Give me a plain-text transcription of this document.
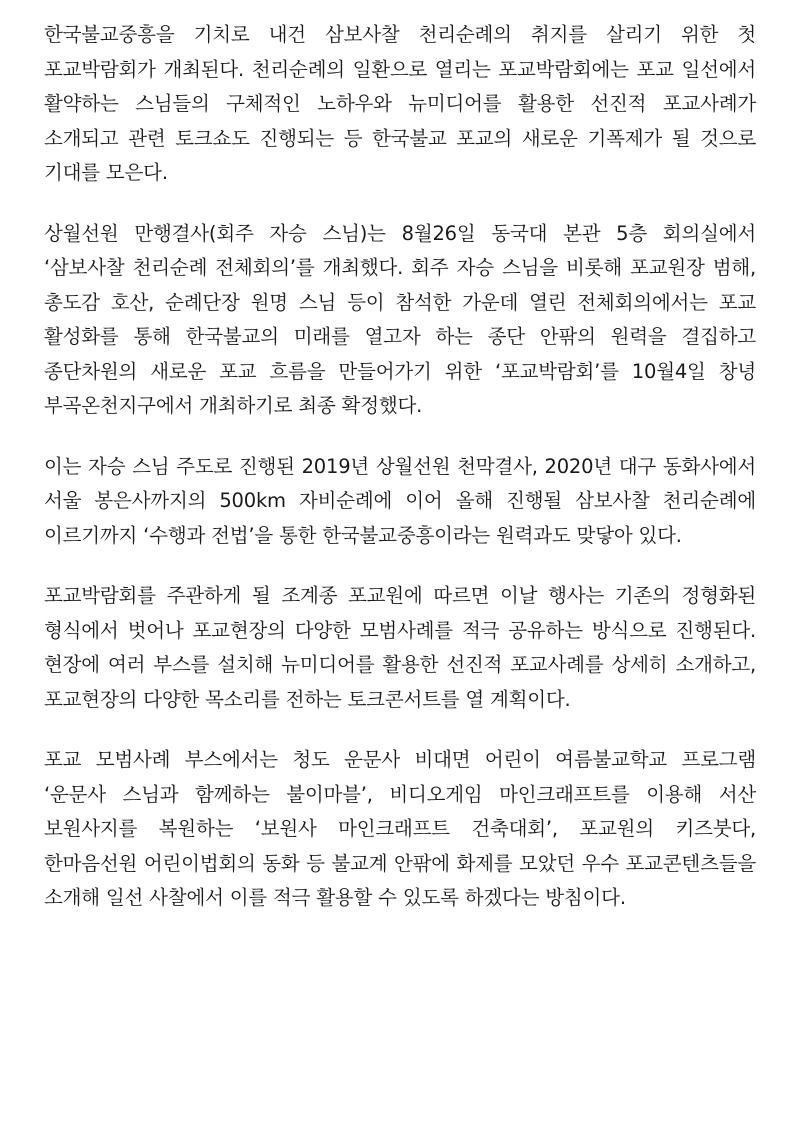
한국불교중흥을 기치로 내건 삼보사찰 천리순례의 취지를 살리기 위한 첫 포교박람회가 개최된다. 천리순례의 일환으로 열리는 포교박람회에는 포교 일선에서 활약하는 스님들의 구체적인 노하우와 뉴미디어를 활용한 선진적 포교사례가 소개되고 관련 토크쇼도 진행되는 등 한국불교 포교의 새로운 기폭제가 될 것으로 기대를 모은다.

상월선원 만행결사(회주 자승 스님)는 8월26일 동국대 본관 5층 회의실에서 ‘삼보사찰 천리순례 전체회의’를 개최했다. 회주 자승 스님을 비롯해 포교원장 범해, 총도감 호산, 순례단장 원명 스님 등이 참석한 가운데 열린 전체회의에서는 포교 활성화를 통해 한국불교의 미래를 열고자 하는 종단 안팎의 원력을 결집하고 종단차원의 새로운 포교 흐름을 만들어가기 위한 ‘포교박람회’를 10월4일 창녕 부곡온천지구에서 개최하기로 최종 확정했다.

이는 자승 스님 주도로 진행된 2019년 상월선원 천막결사, 2020년 대구 동화사에서 서울 봉은사까지의 500km 자비순례에 이어 올해 진행될 삼보사찰 천리순례에 이르기까지 ‘수행과 전법’을 통한 한국불교중흥이라는 원력과도 맞닿아 있다.

포교박람회를 주관하게 될 조계종 포교원에 따르면 이날 행사는 기존의 정형화된 형식에서 벗어나 포교현장의 다양한 모범사례를 적극 공유하는 방식으로 진행된다. 현장에 여러 부스를 설치해 뉴미디어를 활용한 선진적 포교사례를 상세히 소개하고, 포교현장의 다양한 목소리를 전하는 토크콘서트를 열 계획이다.

포교 모범사례 부스에서는 청도 운문사 비대면 어린이 여름불교학교 프로그램 ‘운문사 스님과 함께하는 불이마블’, 비디오게임 마인크래프트를 이용해 서산 보원사지를 복원하는 ‘보원사 마인크래프트 건축대회’, 포교원의 키즈붓다, 한마음선원 어린이법회의 동화 등 불교계 안팎에 화제를 모았던 우수 포교콘텐츠들을 소개해 일선 사찰에서 이를 적극 활용할 수 있도록 하겠다는 방침이다.
